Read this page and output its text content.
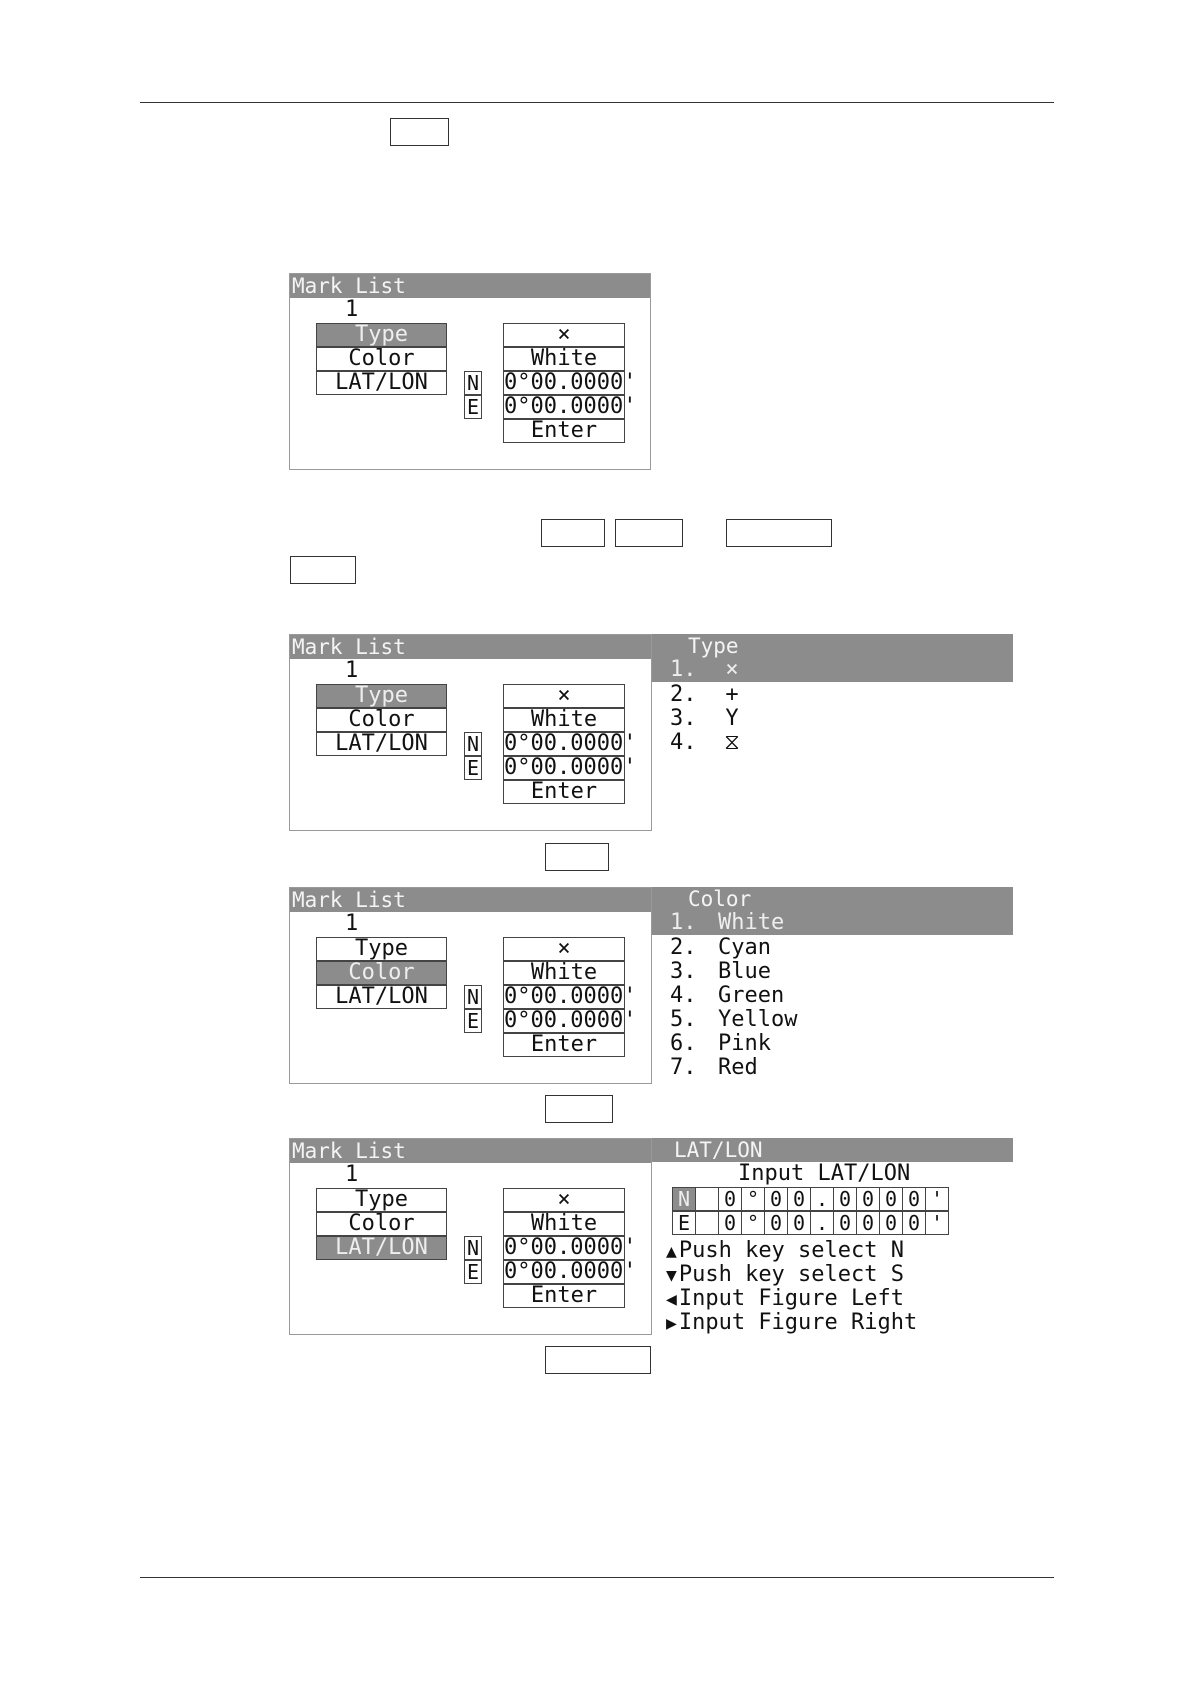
Mark List
1
Type
Color
LAT/LON
×
White
N 0°00.0000'
E 0°00.0000'
Enter
Mark List
1
Type
Color
LAT/LON
×
White
N 0°00.0000'
E 0°00.0000'
Enter
Type
1. ×
2. +
3. Y
4. ⧖
Mark List
1
Type
Color
LAT/LON
×
White
N 0°00.0000'
E 0°00.0000'
Enter
Color
1. White
2. Cyan
3. Blue
4. Green
5. Yellow
6. Pink
7. Red
Mark List
1
Type
Color
LAT/LON
×
White
N 0°00.0000'
E 0°00.0000'
Enter
LAT/LON
Input LAT/LON
N		0	°	0	0	.	0	0	0	0	'
E		0	°	0	0	.	0	0	0	0	'
▲Push key select N
▼Push key select S
◀Input Figure Left
▶Input Figure Right
